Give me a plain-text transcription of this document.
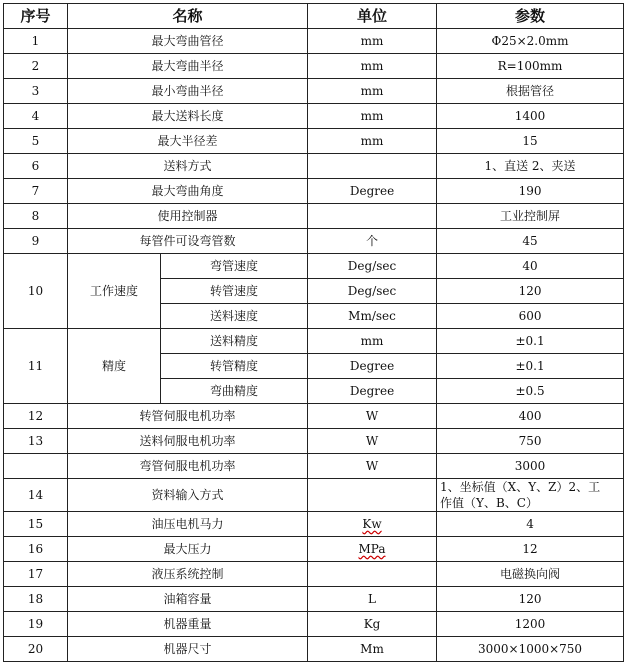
序号	名称		单位	参数
1	最大弯曲管径		mm	Φ25×2.0mm
2	最大弯曲半径		mm	R=100mm
3	最小弯曲半径		mm	根据管径
4	最大送料长度		mm	1400
5	最大半径差		mm	15
6	送料方式			1、直送 2、夹送
7	最大弯曲角度		Degree	190
8	使用控制器			工业控制屏
9	每管件可设弯管数		个	45
10	工作速度	弯管速度	Deg/sec	40
		转管速度	Deg/sec	120
		送料速度	Mm/sec	600
11	精度	送料精度	mm	±0.1
		转管精度	Degree	±0.1
		弯曲精度	Degree	±0.5
12	转管伺服电机功率		W	400
13	送料伺服电机功率		W	750
	弯管伺服电机功率		W	3000
14	资料输入方式			1、坐标值（X、Y、Z）2、工
作值（Y、B、C）

15	油压电机马力		Kw	4
16	最大压力		MPa	12
17	液压系统控制			电磁换向阀
18	油箱容量		L	120
19	机器重量		Kg	1200
20	机器尺寸		Mm	3000×1000×750
